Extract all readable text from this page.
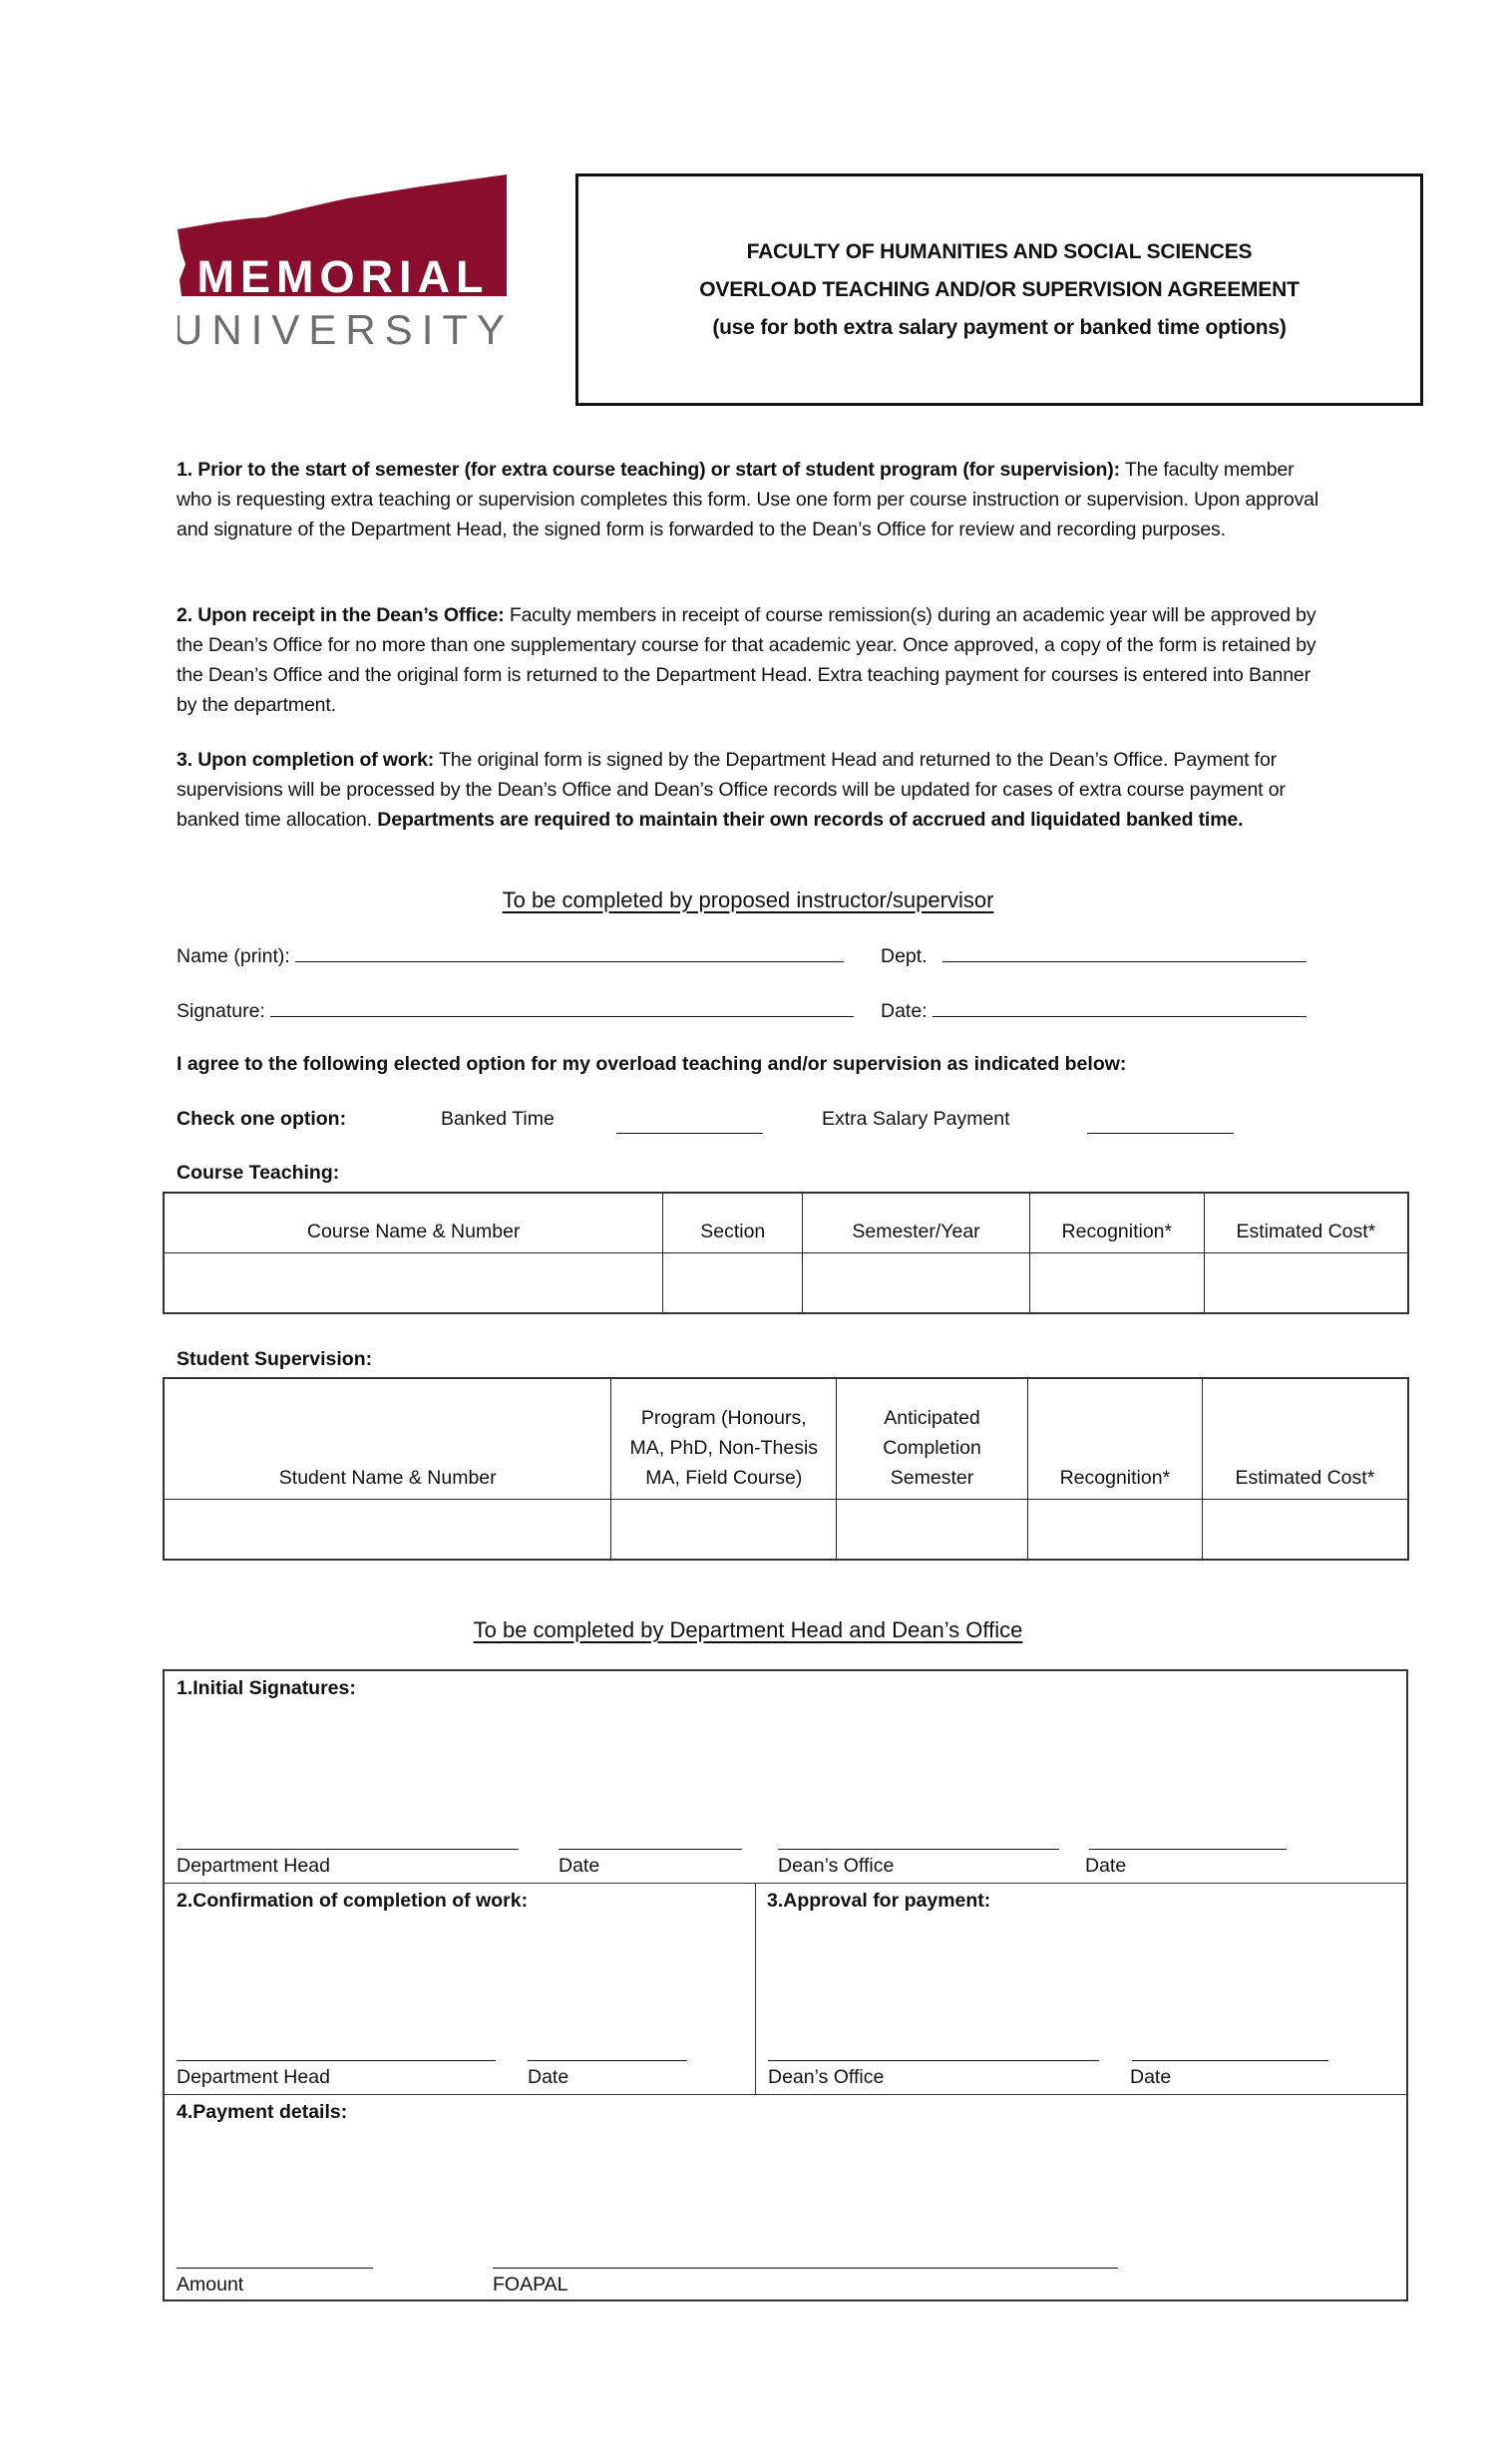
MEMORIAL
UNIVERSITY
FACULTY OF HUMANITIES AND SOCIAL SCIENCES
OVERLOAD TEACHING AND/OR SUPERVISION AGREEMENT
(use for both extra salary payment or banked time options)
1. Prior to the start of semester (for extra course teaching) or start of student program (for supervision): The faculty member who is requesting extra teaching or supervision completes this form. Use one form per course instruction or supervision. Upon approval and signature of the Department Head, the signed form is forwarded to the Dean’s Office for review and recording purposes.
2. Upon receipt in the Dean’s Office: Faculty members in receipt of course remission(s) during an academic year will be approved by the Dean’s Office for no more than one supplementary course for that academic year. Once approved, a copy of the form is retained by the Dean’s Office and the original form is returned to the Department Head. Extra teaching payment for courses is entered into Banner by the department.
3. Upon completion of work: The original form is signed by the Department Head and returned to the Dean’s Office. Payment for supervisions will be processed by the Dean’s Office and Dean’s Office records will be updated for cases of extra course payment or banked time allocation. Departments are required to maintain their own records of accrued and liquidated banked time.
To be completed by proposed instructor/supervisor
Name (print):	Dept.
Signature:	Date:
I agree to the following elected option for my overload teaching and/or supervision as indicated below:
Check one option:	Banked Time	Extra Salary Payment
Course Teaching:
Course Name & Number	Section	Semester/Year	Recognition*	Estimated Cost*

Student Supervision:
Student Name & Number	Program (Honours, MA, PhD, Non-Thesis MA, Field Course)	Anticipated Completion Semester	Recognition*	Estimated Cost*

To be completed by Department Head and Dean’s Office
1.Initial Signatures:
Department Head	Date	Dean’s Office	Date
2.Confirmation of completion of work:
Department Head	Date
3.Approval for payment:
Dean’s Office	Date
4.Payment details:
Amount	FOAPAL
